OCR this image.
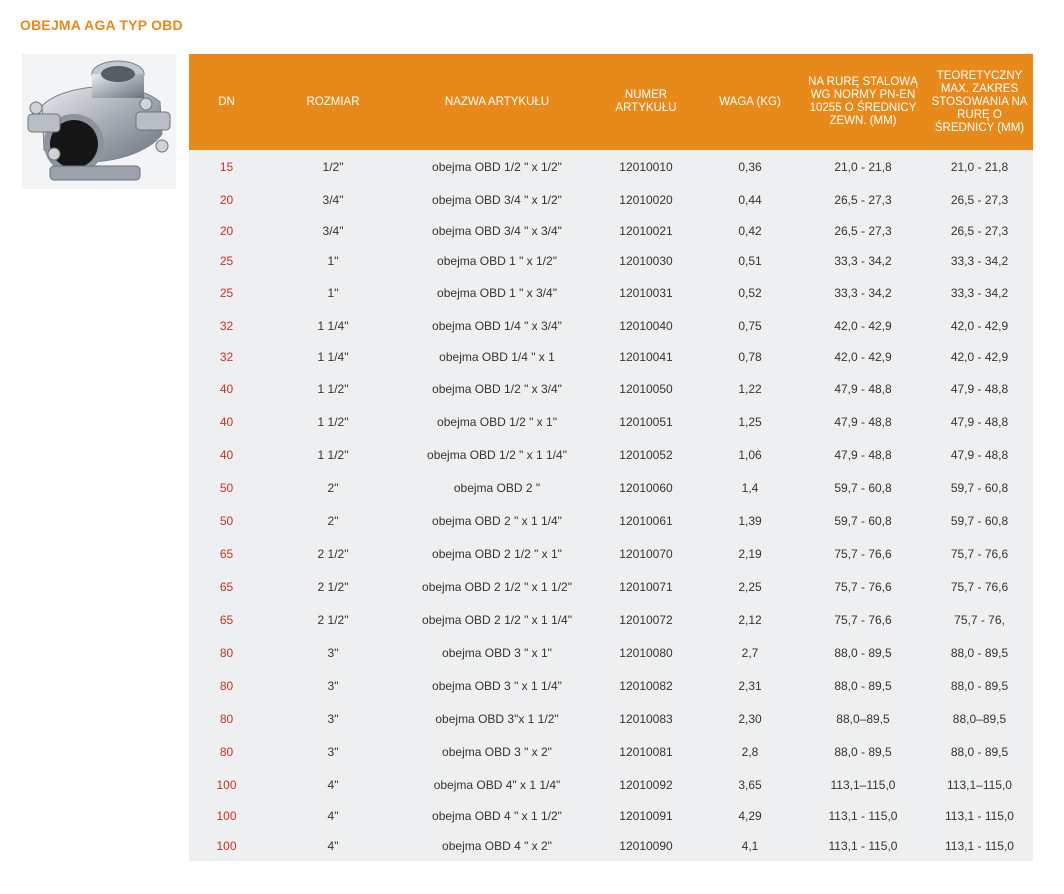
OBEJMA AGA TYP OBD
DN	ROZMIAR	NAZWA ARTYKUŁU	NUMER ARTYKUŁU	WAGA (KG)	NA RURĘ STALOWĄ WG NORMY PN-EN 10255 O ŚREDNICY ZEWN. (MM)	TEORETYCZNY MAX. ZAKRES STOSOWANIA NA RURĘ O ŚREDNICY (MM)
15	1/2"	obejma OBD 1/2 " x 1/2"	12010010	0,36	21,0 - 21,8	21,0 - 21,8
20	3/4"	obejma OBD 3/4 " x 1/2"	12010020	0,44	26,5 - 27,3	26,5 - 27,3
20	3/4"	obejma OBD 3/4 " x 3/4"	12010021	0,42	26,5 - 27,3	26,5 - 27,3
25	1"	obejma OBD 1 " x 1/2"	12010030	0,51	33,3 - 34,2	33,3 - 34,2
25	1"	obejma OBD 1 " x 3/4"	12010031	0,52	33,3 - 34,2	33,3 - 34,2
32	1 1/4"	obejma OBD 1/4 " x 3/4"	12010040	0,75	42,0 - 42,9	42,0 - 42,9
32	1 1/4"	obejma OBD 1/4 " x 1	12010041	0,78	42,0 - 42,9	42,0 - 42,9
40	1 1/2"	obejma OBD 1/2 " x 3/4"	12010050	1,22	47,9 - 48,8	47,9 - 48,8
40	1 1/2"	obejma OBD 1/2 " x 1"	12010051	1,25	47,9 - 48,8	47,9 - 48,8
40	1 1/2"	obejma OBD 1/2 " x 1 1/4"	12010052	1,06	47,9 - 48,8	47,9 - 48,8
50	2"	obejma OBD 2 "	12010060	1,4	59,7 - 60,8	59,7 - 60,8
50	2"	obejma OBD 2 " x 1 1/4"	12010061	1,39	59,7 - 60,8	59,7 - 60,8
65	2 1/2"	obejma OBD 2 1/2 " x 1"	12010070	2,19	75,7 - 76,6	75,7 - 76,6
65	2 1/2"	obejma OBD 2 1/2 " x 1 1/2"	12010071	2,25	75,7 - 76,6	75,7 - 76,6
65	2 1/2"	obejma OBD 2 1/2 " x 1 1/4"	12010072	2,12	75,7 - 76,6	75,7 - 76,
80	3"	obejma OBD 3 " x 1"	12010080	2,7	88,0 - 89,5	88,0 - 89,5
80	3"	obejma OBD 3 " x 1 1/4"	12010082	2,31	88,0 - 89,5	88,0 - 89,5
80	3"	obejma OBD 3"x 1 1/2"	12010083	2,30	88,0–89,5	88,0–89,5
80	3"	obejma OBD 3 " x 2"	12010081	2,8	88,0 - 89,5	88,0 - 89,5
100	4"	obejma OBD 4" x 1 1/4"	12010092	3,65	113,1–115,0	113,1–115,0
100	4"	obejma OBD 4 " x 1 1/2"	12010091	4,29	113,1 - 115,0	113,1 - 115,0
100	4"	obejma OBD 4 " x 2"	12010090	4,1	113,1 - 115,0	113,1 - 115,0
